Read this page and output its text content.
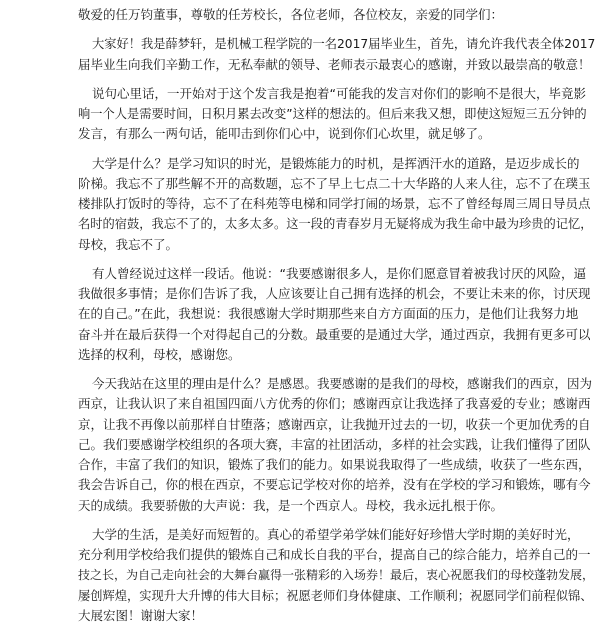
敬爱的任万钧董事，尊敬的任芳校长，各位老师，各位校友，亲爱的同学们：
大家好！我是薛梦轩，是机械工程学院的一名2017届毕业生，首先，请允许我代表全体2017
届毕业生向我们辛勤工作，无私奉献的领导、老师表示最衷心的感谢，并致以最崇高的敬意！
说句心里话，一开始对于这个发言我是抱着“可能我的发言对你们的影响不是很大，毕竟影
响一个人是需要时间，日积月累去改变”这样的想法的。但后来我又想，即使这短短三五分钟的
发言，有那么一两句话，能叩击到你们心中，说到你们心坎里，就足够了。
大学是什么？是学习知识的时光，是锻炼能力的时机，是挥洒汗水的道路，是迈步成长的
阶梯。我忘不了那些解不开的高数题，忘不了早上七点二十大华路的人来人往，忘不了在璞玉
楼排队打饭时的等待，忘不了在科苑等电梯和同学打闹的场景，忘不了曾经每周三周日导员点
名时的宿鼓，我忘不了的，太多太多。这一段的青春岁月无疑将成为我生命中最为珍贵的记忆，
母校，我忘不了。
有人曾经说过这样一段话。他说：“我要感谢很多人，是你们愿意冒着被我讨厌的风险，逼
我做很多事情；是你们告诉了我，人应该要让自己拥有选择的机会，不要让未来的你，讨厌现
在的自己。”在此，我想说：我很感谢大学时期那些来自方方面面的压力，是他们让我努力地
奋斗并在最后获得一个对得起自己的分数。最重要的是通过大学，通过西京，我拥有更多可以
选择的权利，母校，感谢您。
今天我站在这里的理由是什么？是感恩。我要感谢的是我们的母校，感谢我们的西京，因为
西京，让我认识了来自祖国四面八方优秀的你们；感谢西京让我选择了我喜爱的专业；感谢西
京，让我不再像以前那样自甘堕落；感谢西京，让我抛开过去的一切，收获一个更加优秀的自
己。我们要感谢学校组织的各项大赛，丰富的社团活动，多样的社会实践，让我们懂得了团队
合作，丰富了我们的知识，锻炼了我们的能力。如果说我取得了一些成绩，收获了一些东西，
我会告诉自己，你的根在西京，不要忘记学校对你的培养，没有在学校的学习和锻炼，哪有今
天的成绩。我要骄傲的大声说：我，是一个西京人。母校，我永远扎根于你。
大学的生活，是美好而短暂的。真心的希望学弟学妹们能好好珍惜大学时期的美好时光，
充分利用学校给我们提供的锻炼自己和成长自我的平台，提高自己的综合能力，培养自己的一
技之长，为自己走向社会的大舞台赢得一张精彩的入场券！最后，衷心祝愿我们的母校蓬勃发展，
屡创辉煌，实现升大升博的伟大目标；祝愿老师们身体健康、工作顺利；祝愿同学们前程似锦、
大展宏图！谢谢大家！
